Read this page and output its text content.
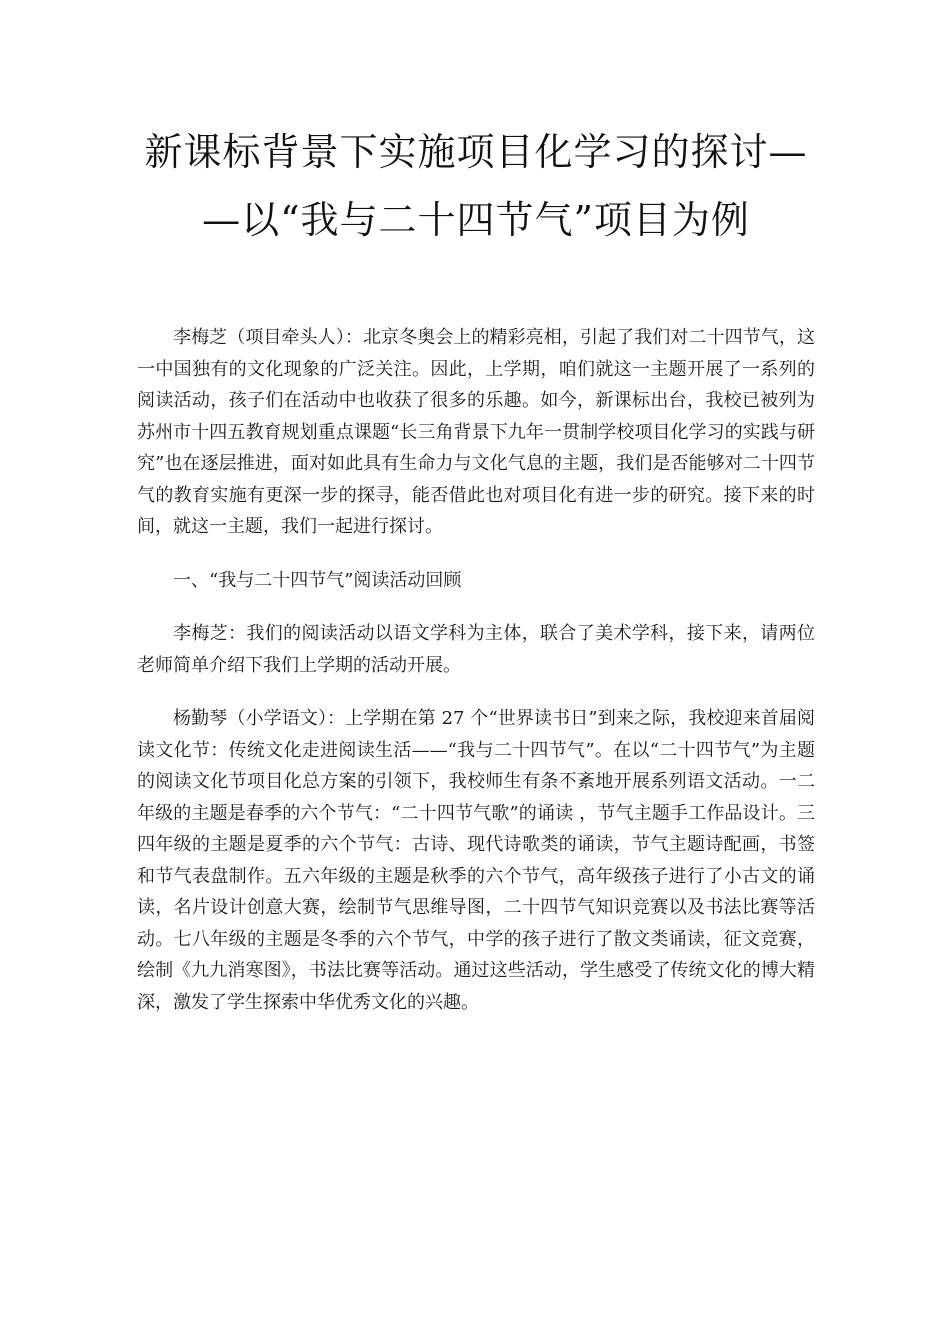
新课标背景下实施项目化学习的探讨—
—以“我与二十四节气”项目为例

李梅芝（项目牵头人）：北京冬奥会上的精彩亮相，引起了我们对二十四节气，这一中国独有的文化现象的广泛关注。因此，上学期，咱们就这一主题开展了一系列的阅读活动，孩子们在活动中也收获了很多的乐趣。如今，新课标出台，我校已被列为苏州市十四五教育规划重点课题“长三角背景下九年一贯制学校项目化学习的实践与研究”也在逐层推进，面对如此具有生命力与文化气息的主题，我们是否能够对二十四节气的教育实施有更深一步的探寻，能否借此也对项目化有进一步的研究。接下来的时间，就这一主题，我们一起进行探讨。

一、“我与二十四节气”阅读活动回顾

李梅芝：我们的阅读活动以语文学科为主体，联合了美术学科，接下来，请两位老师简单介绍下我们上学期的活动开展。

杨勤琴（小学语文）：上学期在第 27 个“世界读书日”到来之际，我校迎来首届阅读文化节：传统文化走进阅读生活——“我与二十四节气”。在以“二十四节气”为主题的阅读文化节项目化总方案的引领下，我校师生有条不紊地开展系列语文活动。一二年级的主题是春季的六个节气：“二十四节气歌”的诵读 ，节气主题手工作品设计。三四年级的主题是夏季的六个节气：古诗、现代诗歌类的诵读，节气主题诗配画，书签和节气表盘制作。五六年级的主题是秋季的六个节气，高年级孩子进行了小古文的诵读，名片设计创意大赛，绘制节气思维导图，二十四节气知识竞赛以及书法比赛等活动。七八年级的主题是冬季的六个节气，中学的孩子进行了散文类诵读，征文竞赛，绘制《九九消寒图》，书法比赛等活动。通过这些活动，学生感受了传统文化的博大精深，激发了学生探索中华优秀文化的兴趣。
